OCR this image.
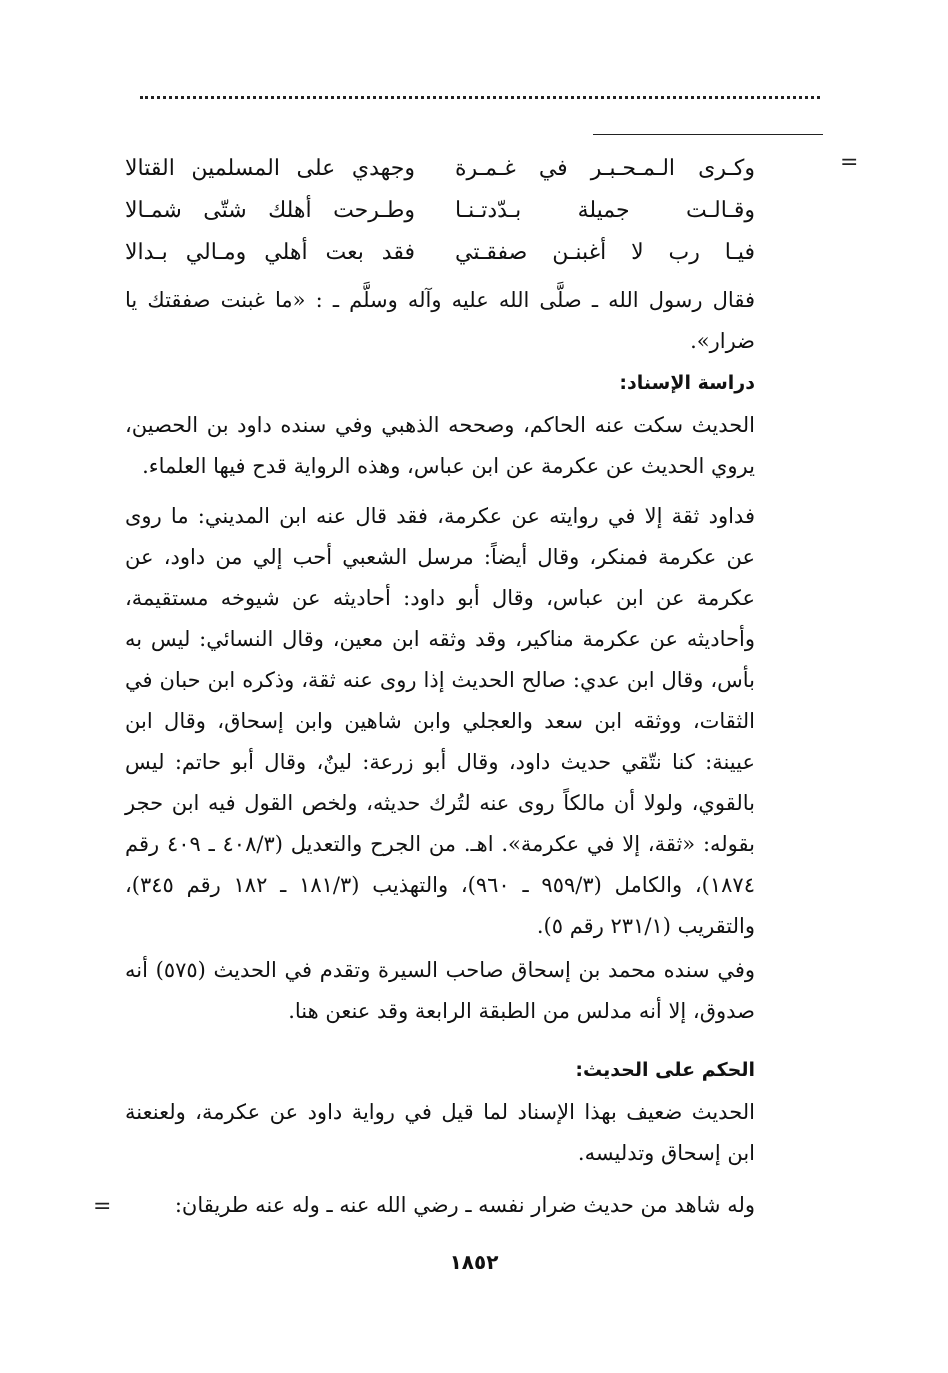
=
وكـرى الـمـحـبـر في غـمـرة
وجهدي على المسلمين القتالا
وقـالـت جميلة بـدّدتـنـا
وطـرحت أهلك شتّى شمـالا
فيـا رب لا أغبنـن صفقـتي
فقد بعت أهلي ومـالي بـدالا

فقال رسول الله ـ صلَّى الله عليه وآله وسلَّم ـ : «ما غبنت صفقتك يا ضرار».

دراسة الإسناد:

الحديث سكت عنه الحاكم، وصححه الذهبي وفي سنده داود بن الحصين، يروي الحديث عن عكرمة عن ابن عباس، وهذه الرواية قدح فيها العلماء.

فداود ثقة إلا في روايته عن عكرمة، فقد قال عنه ابن المديني: ما روى عن عكرمة فمنكر، وقال أيضاً: مرسل الشعبي أحب إلي من داود، عن عكرمة عن ابن عباس، وقال أبو داود: أحاديثه عن شيوخه مستقيمة، وأحاديثه عن عكرمة مناكير، وقد وثقه ابن معين، وقال النسائي: ليس به بأس، وقال ابن عدي: صالح الحديث إذا روى عنه ثقة، وذكره ابن حبان في الثقات، ووثقه ابن سعد والعجلي وابن شاهين وابن إسحاق، وقال ابن عيينة: كنا نتّقي حديث داود، وقال أبو زرعة: لينٌ، وقال أبو حاتم: ليس بالقوي، ولولا أن مالكاً روى عنه لتُرك حديثه، ولخص القول فيه ابن حجر بقوله: «ثقة، إلا في عكرمة». اهـ. من الجرح والتعديل (٤٠٨/٣ ـ ٤٠٩ رقم ١٨٧٤)، والكامل (٩٥٩/٣ ـ ٩٦٠)، والتهذيب (١٨١/٣ ـ ١٨٢ رقم ٣٤٥)، والتقريب (٢٣١/١ رقم ٥).

وفي سنده محمد بن إسحاق صاحب السيرة وتقدم في الحديث (٥٧٥) أنه صدوق، إلا أنه مدلس من الطبقة الرابعة وقد عنعن هنا.

الحكم على الحديث:

الحديث ضعيف بهذا الإسناد لما قيل في رواية داود عن عكرمة، ولعنعنة ابن إسحاق وتدليسه.

وله شاهد من حديث ضرار نفسه ـ رضي الله عنه ـ وله عنه طريقان:

=
١٨٥٢
